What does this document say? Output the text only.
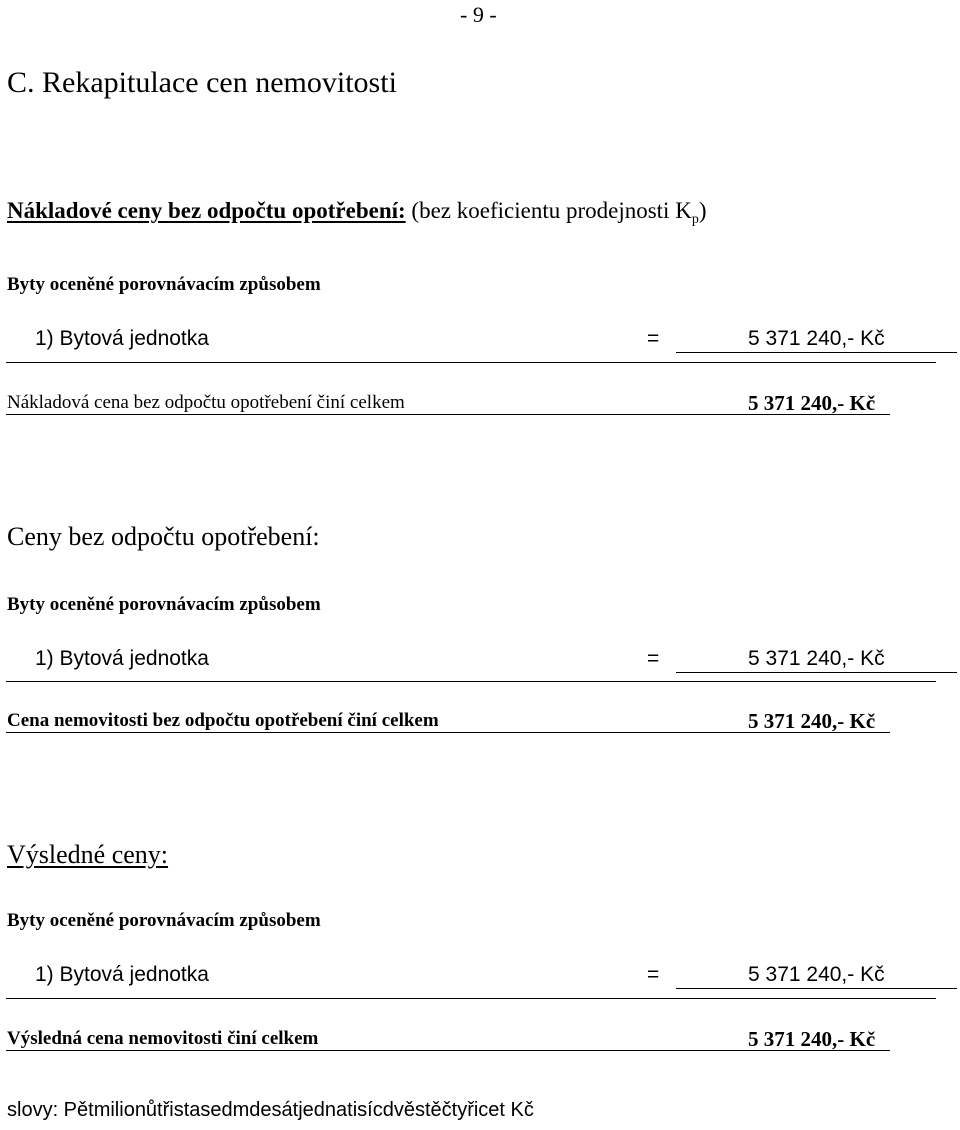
- 9 -
C. Rekapitulace cen nemovitosti
Nákladové ceny bez odpočtu opotřebení: (bez koeficientu prodejnosti $K_p$)
Byty oceněné porovnávacím způsobem
1) Bytová jednotka	=	5 371 240,- Kč
Nákladová cena bez odpočtu opotřebení činí celkem	5 371 240,- Kč
Ceny bez odpočtu opotřebení:
Byty oceněné porovnávacím způsobem
1) Bytová jednotka	=	5 371 240,- Kč
Cena nemovitosti bez odpočtu opotřebení činí celkem	5 371 240,- Kč
Výsledné ceny:
Byty oceněné porovnávacím způsobem
1) Bytová jednotka	=	5 371 240,- Kč
Výsledná cena nemovitosti činí celkem	5 371 240,- Kč
slovy: Pětmilionůtřistasedmdesátjednatisícdvěstěčtyřicet Kč
